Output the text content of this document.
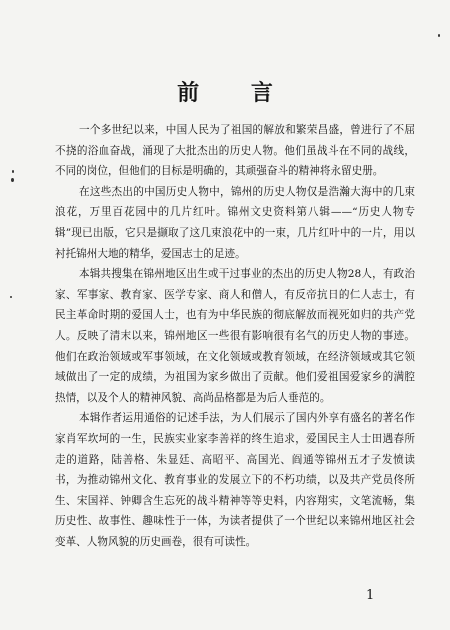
前 言

一个多世纪以来，中国人民为了祖国的解放和繁荣昌盛，曾进行了不屈不挠的浴血奋战，涌现了大批杰出的历史人物。他们虽战斗在不同的战线，不同的岗位，但他们的目标是明确的，其顽强奋斗的精神将永留史册。

在这些杰出的中国历史人物中，锦州的历史人物仅是浩瀚大海中的几束浪花，万里百花园中的几片红叶。锦州文史资料第八辑——“历史人物专辑”现已出版，它只是撷取了这几束浪花中的一束，几片红叶中的一片，用以衬托锦州大地的精华，爱国志士的足迹。

本辑共搜集在锦州地区出生或干过事业的杰出的历史人物28人，有政治家、军事家、教育家、医学专家、商人和僧人，有反帝抗日的仁人志士，有民主革命时期的爱国人士，也有为中华民族的彻底解放而视死如归的共产党人。反映了清末以来，锦州地区一些很有影响很有名气的历史人物的事迹。他们在政治领域或军事领域，在文化领域或教育领域，在经济领域或其它领域做出了一定的成绩，为祖国为家乡做出了贡献。他们爱祖国爱家乡的满腔热情，以及个人的精神风貌、高尚品格都是为后人垂范的。

本辑作者运用通俗的记述手法，为人们展示了国内外享有盛名的著名作家肖军坎坷的一生，民族实业家李善祥的终生追求，爱国民主人士田遇春所走的道路，陆善格、朱显廷、高昭平、高国光、阎通等锦州五才子发愤读书，为推动锦州文化、教育事业的发展立下的不朽功绩，以及共产党员佟所生、宋国祥、钟卿含生忘死的战斗精神等等史料，内容翔实，文笔流畅，集历史性、故事性、趣味性于一体，为读者提供了一个世纪以来锦州地区社会变革、人物风貌的历史画卷，很有可读性。

1
